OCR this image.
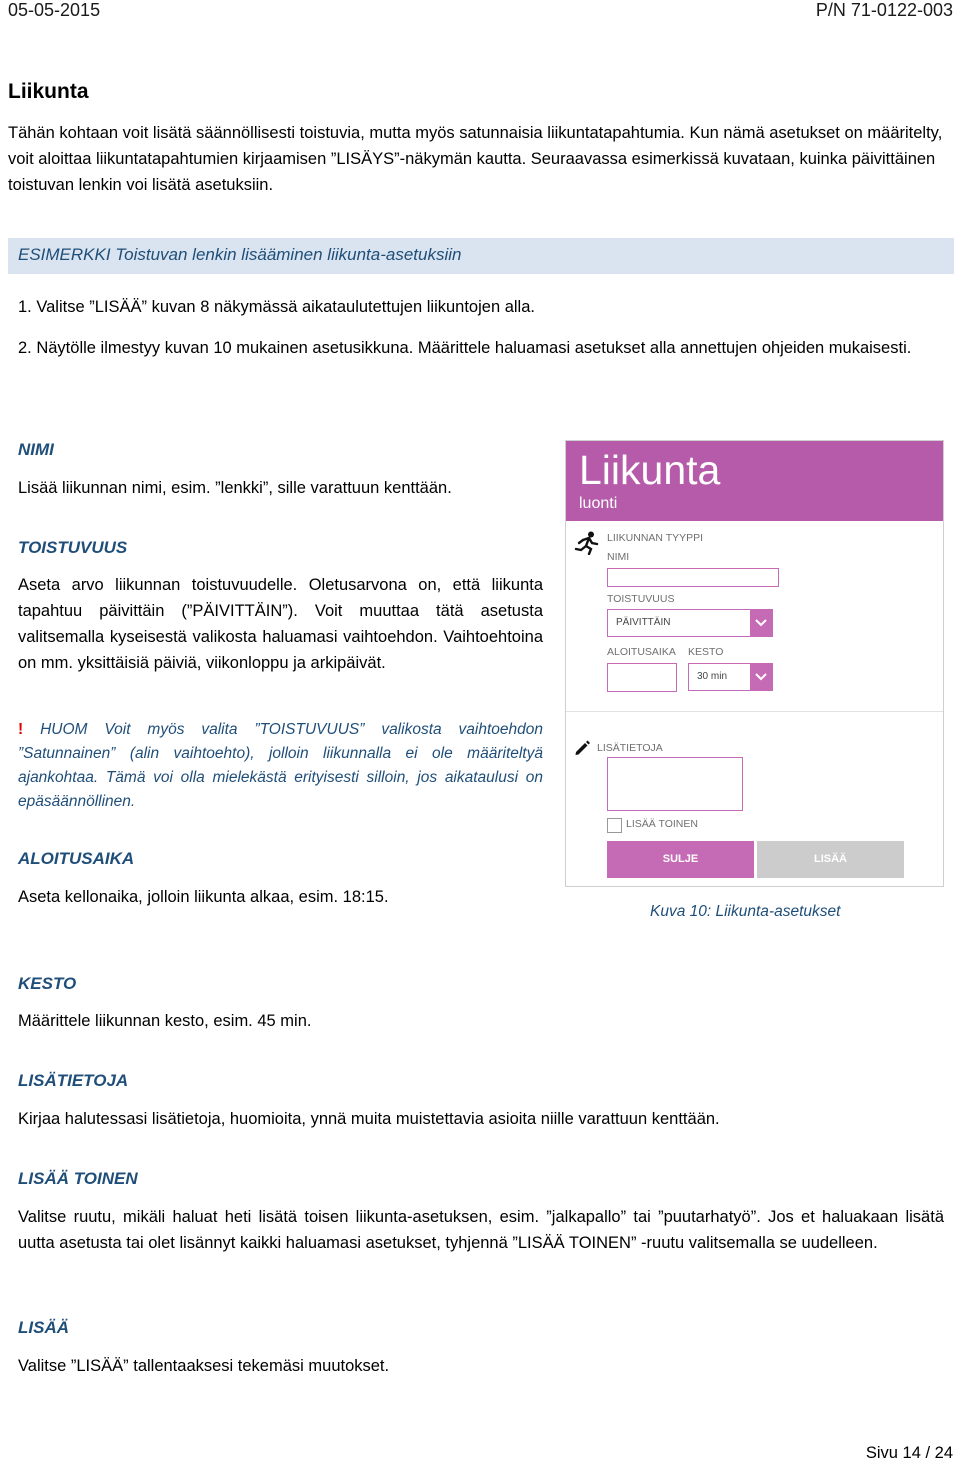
05-05-2015	P/N 71-0122-003
Liikunta
Tähän kohtaan voit lisätä säännöllisesti toistuvia, mutta myös satunnaisia liikuntatapahtumia. Kun nämä asetukset on määritelty, voit aloittaa liikuntatapahtumien kirjaamisen ”LISÄYS”-näkymän kautta. Seuraavassa esimerkissä kuvataan, kuinka päivittäinen toistuvan lenkin voi lisätä asetuksiin.
ESIMERKKI Toistuvan lenkin lisääminen liikunta-asetuksiin
1. Valitse ”LISÄÄ” kuvan 8 näkymässä aikataulutettujen liikuntojen alla.
2. Näytölle ilmestyy kuvan 10 mukainen asetusikkuna. Määrittele haluamasi asetukset alla annettujen ohjeiden mukaisesti.
NIMI
Lisää liikunnan nimi, esim. ”lenkki”, sille varattuun kenttään.
TOISTUVUUS
Aseta arvo liikunnan toistuvuudelle. Oletusarvona on, että liikunta tapahtuu päivittäin (”PÄIVITTÄIN”). Voit muuttaa tätä asetusta valitsemalla kyseisestä valikosta haluamasi vaihtoehdon. Vaihtoehtoina on mm. yksittäisiä päiviä, viikonloppu ja arkipäivät.
! HUOM Voit myös valita ”TOISTUVUUS” valikosta vaihtoehdon ”Satunnainen” (alin vaihtoehto), jolloin liikunnalla ei ole määriteltyä ajankohtaa. Tämä voi olla mielekästä erityisesti silloin, jos aikataulusi on epäsäännöllinen.
ALOITUSAIKA
Aseta kellonaika, jolloin liikunta alkaa, esim. 18:15.
Liikunta
luonti
LIIKUNNAN TYYPPI
NIMI
TOISTUVUUS
PÄIVITTÄIN
ALOITUSAIKA KESTO
30 min
LISÄTIETOJA
LISÄÄ TOINEN
SULJE	LISÄÄ
Kuva 10: Liikunta-asetukset
KESTO
Määrittele liikunnan kesto, esim. 45 min.
LISÄTIETOJA
Kirjaa halutessasi lisätietoja, huomioita, ynnä muita muistettavia asioita niille varattuun kenttään.
LISÄÄ TOINEN
Valitse ruutu, mikäli haluat heti lisätä toisen liikunta-asetuksen, esim. ”jalkapallo” tai ”puutarhatyö”. Jos et haluakaan lisätä uutta asetusta tai olet lisännyt kaikki haluamasi asetukset, tyhjennä ”LISÄÄ TOINEN” -ruutu valitsemalla se uudelleen.
LISÄÄ
Valitse ”LISÄÄ” tallentaaksesi tekemäsi muutokset.
Sivu 14 / 24
